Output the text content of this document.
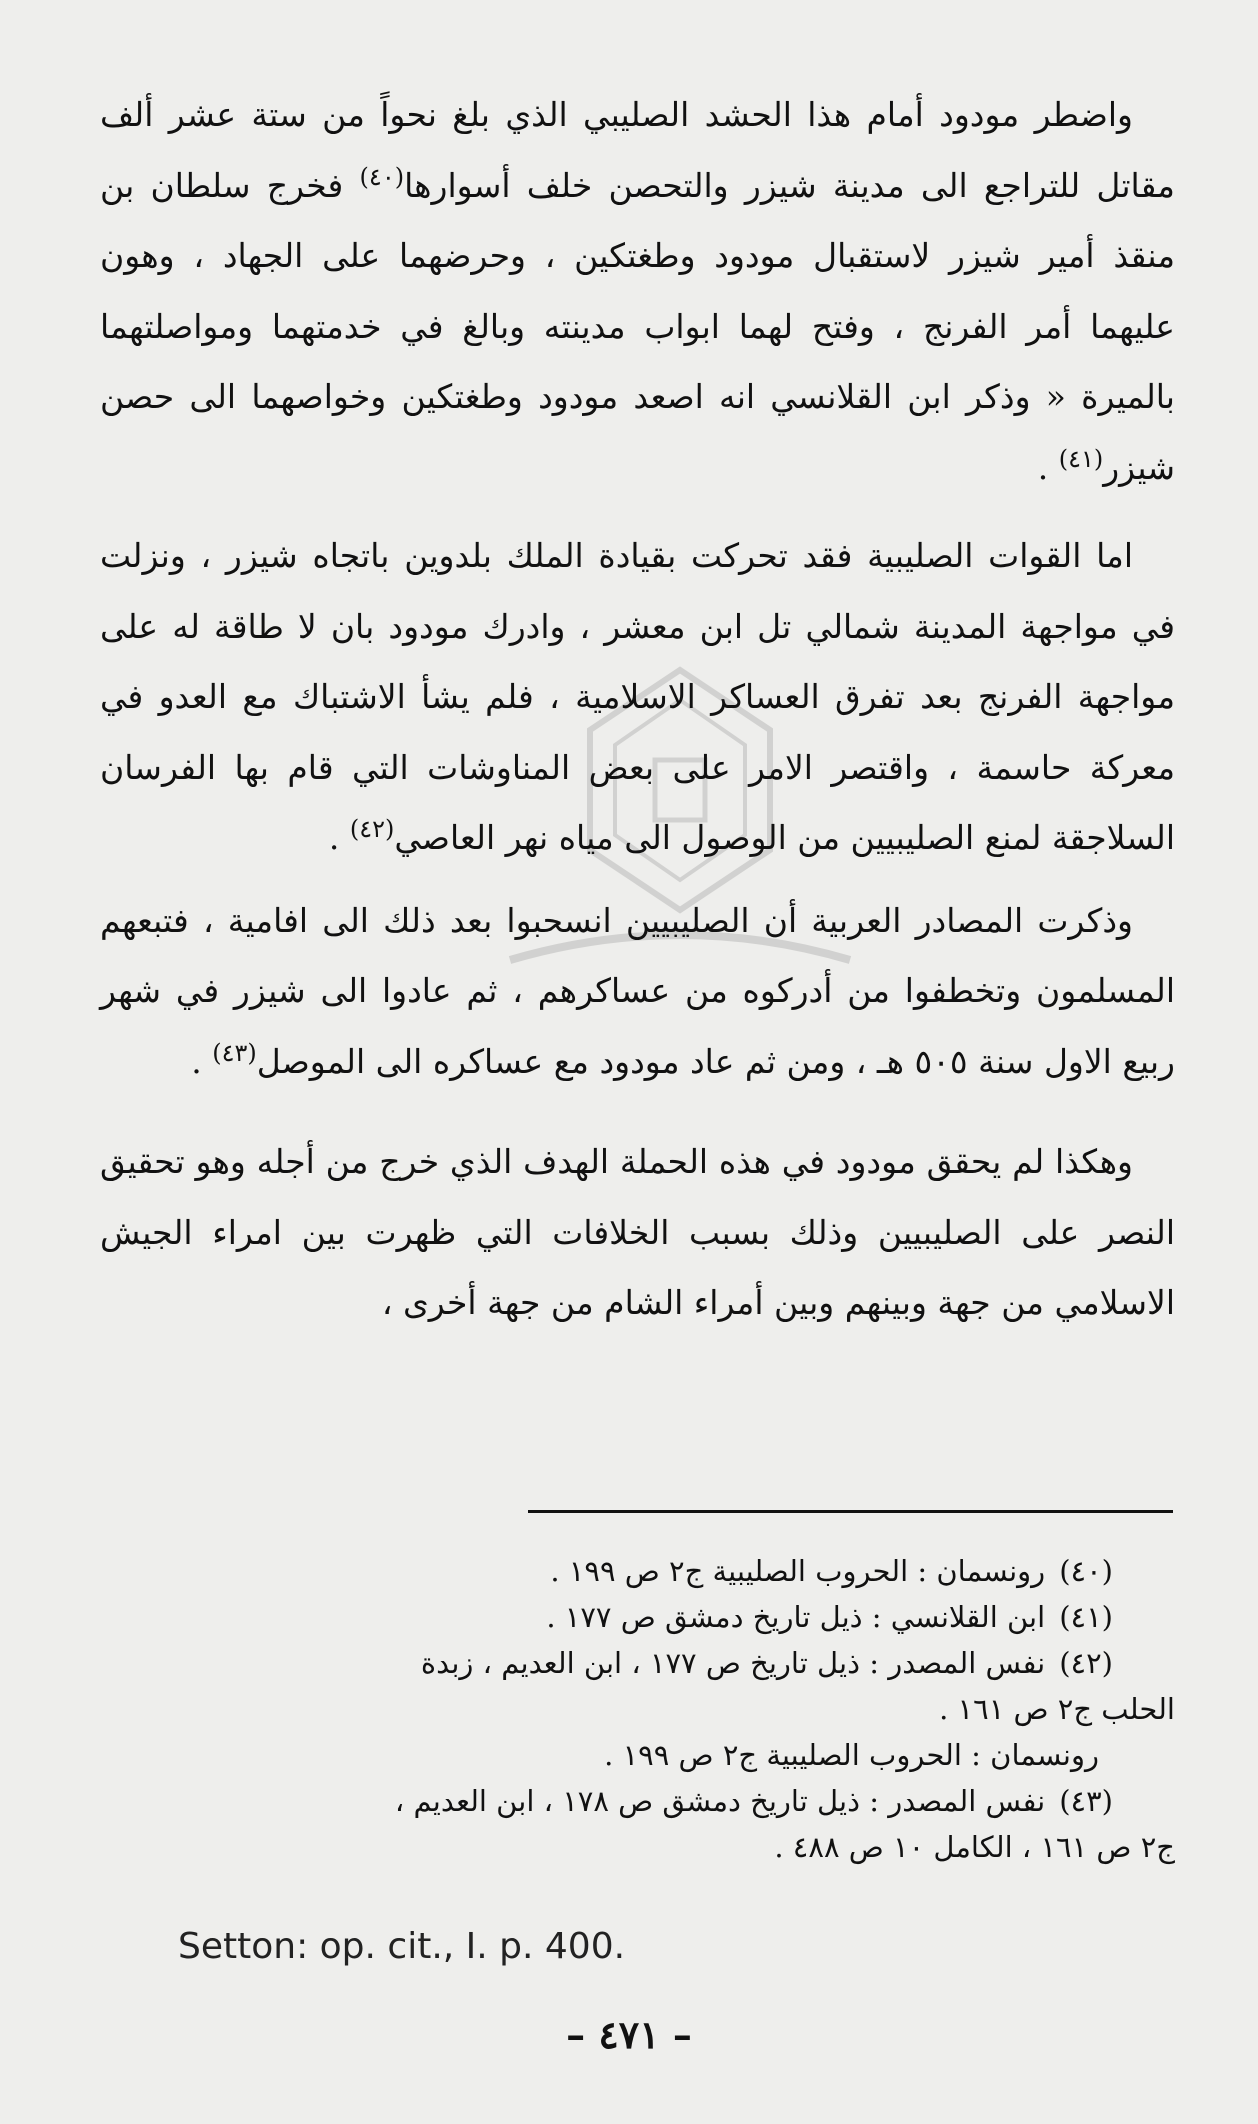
واضطر مودود أمام هذا الحشد الصليبي الذي بلغ نحواً من ستة عشر ألف مقاتل للتراجع الى مدينة شيزر والتحصن خلف أسوارها$^{(٤٠)}$ فخرج سلطان بن منقذ أمير شيزر لاستقبال مودود وطغتكين ، وحرضهما على الجهاد ، وهون عليهما أمر الفرنج ، وفتح لهما ابواب مدينته وبالغ في خدمتهما ومواصلتهما بالميرة « وذكر ابن القلانسي انه اصعد مودود وطغتكين وخواصهما الى حصن شيزر$^{(٤١)}$ .

اما القوات الصليبية فقد تحركت بقيادة الملك بلدوين باتجاه شيزر ، ونزلت في مواجهة المدينة شمالي تل ابن معشر ، وادرك مودود بان لا طاقة له على مواجهة الفرنج بعد تفرق العساكر الاسلامية ، فلم يشأ الاشتباك مع العدو في معركة حاسمة ، واقتصر الامر على بعض المناوشات التي قام بها الفرسان السلاجقة لمنع الصليبيين من الوصول الى مياه نهر العاصي$^{(٤٢)}$ .

وذكرت المصادر العربية أن الصليبيين انسحبوا بعد ذلك الى افامية ، فتبعهم المسلمون وتخطفوا من أدركوه من عساكرهم ، ثم عادوا الى شيزر في شهر ربيع الاول سنة ٥٠٥ هـ ، ومن ثم عاد مودود مع عساكره الى الموصل$^{(٤٣)}$ .

وهكذا لم يحقق مودود في هذه الحملة الهدف الذي خرج من أجله وهو تحقيق النصر على الصليبيين وذلك بسبب الخلافات التي ظهرت بين امراء الجيش الاسلامي من جهة وبينهم وبين أمراء الشام من جهة أخرى ،

(٤٠)رونسمان : الحروب الصليبية ج٢ ص ١٩٩ .

(٤١)ابن القلانسي : ذيل تاريخ دمشق ص ١٧٧ .

(٤٢)نفس المصدر : ذيل تاريخ ص ١٧٧ ، ابن العديم ، زبدة

الحلب ج٢ ص ١٦١ .

رونسمان : الحروب الصليبية ج٢ ص ١٩٩ .

(٤٣)نفس المصدر : ذيل تاريخ دمشق ص ١٧٨ ، ابن العديم ،

ج٢ ص ١٦١ ، الكامل ١٠ ص ٤٨٨ .

Setton: op. cit., I. p. 400.
– ٤٧١ –
